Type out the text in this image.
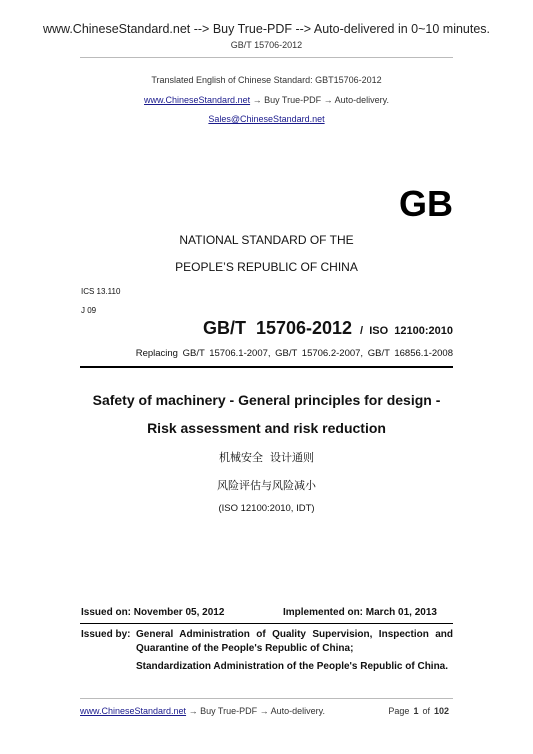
www.ChineseStandard.net --> Buy True-PDF --> Auto-delivered in 0~10 minutes.
GB/T 15706-2012
Translated English of Chinese Standard: GBT15706-2012
www.ChineseStandard.net → Buy True-PDF → Auto-delivery.
Sales@ChineseStandard.net
GB
NATIONAL STANDARD OF THE
PEOPLE’S REPUBLIC OF CHINA
ICS 13.110
J 09
GB/T  15706-2012 /  ISO  12100:2010
Replacing GB/T 15706.1-2007, GB/T 15706.2-2007, GB/T 16856.1-2008
Safety of machinery - General principles for design -
Risk assessment and risk reduction
机械安全  设计通则
风险评估与风险减小
(ISO 12100:2010, IDT)
Issued on: November 05, 2012	Implemented on: March 01, 2013
Issued by: General Administration of Quality Supervision, Inspection and Quarantine of the People's Republic of China;

Standardization Administration of the People's Republic of China.

www.ChineseStandard.net → Buy True-PDF → Auto-delivery.	Page 1 of 102
